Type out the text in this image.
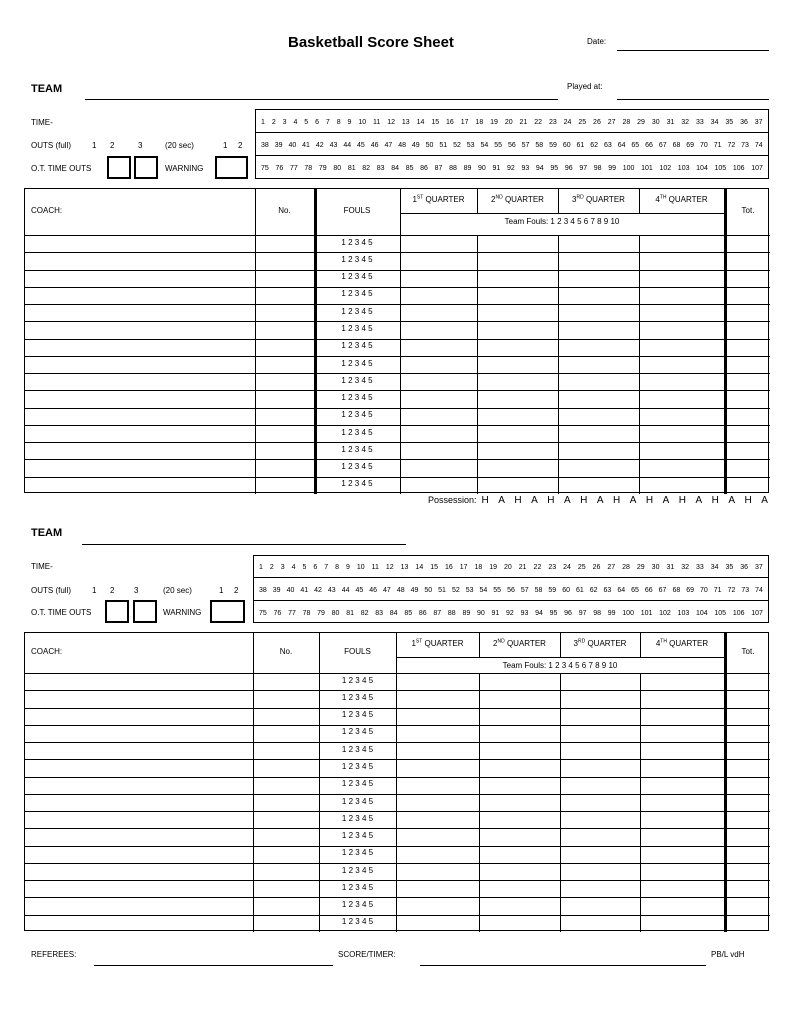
Basketball Score Sheet	Date:
TEAM	Played at:
TIME-
OUTS (full)	1 2	3	(20 sec)	1 2
O.T. TIME OUTS	WARNING
1 2 3 4 5 6 7 8 9 10 11 12 13 14 15 16 17 18 19 20 21 22 23 24 25 26 27 28 29 30 31 32 33 34 35 36 37
38 39 40 41 42 43 44 45 46 47 48 49 50 51 52 53 54 55 56 57 58 59 60 61 62 63 64 65 66 67 68 69 70 71 72 73 74
75 76 77 78 79 80 81 82 83 84 85 86 87 88 89 90 91 92 93 94 95 96 97 98 99 100 101 102 103 104 105 106 107
COACH:	No.	FOULS	Tot.
1ST QUARTER	2ND QUARTER	3RD QUARTER	4TH QUARTER
Team Fouls: 1 2 3 4 5 6 7 8 9 10
1 2 3 4 5
1 2 3 4 5
1 2 3 4 5
1 2 3 4 5
1 2 3 4 5
1 2 3 4 5
1 2 3 4 5
1 2 3 4 5
1 2 3 4 5
1 2 3 4 5
1 2 3 4 5
1 2 3 4 5
1 2 3 4 5
1 2 3 4 5
1 2 3 4 5
Possession: H A H A H A H A H A H A H A H A H A
TEAM
TIME-
OUTS (full)	1 2 3	(20 sec)	1 2
O.T. TIME OUTS	WARNING
1 2 3 4 5 6 7 8 9 10 11 12 13 14 15 16 17 18 19 20 21 22 23 24 25 26 27 28 29 30 31 32 33 34 35 36 37
38 39 40 41 42 43 44 45 46 47 48 49 50 51 52 53 54 55 56 57 58 59 60 61 62 63 64 65 66 67 68 69 70 71 72 73 74
75 76 77 78 79 80 81 82 83 84 85 86 87 88 89 90 91 92 93 94 95 96 97 98 99 100 101 102 103 104 105 106 107
COACH:	No.	FOULS	Tot.
1ST QUARTER	2ND QUARTER	3RD QUARTER	4TH QUARTER
Team Fouls: 1 2 3 4 5 6 7 8 9 10
1 2 3 4 5
1 2 3 4 5
1 2 3 4 5
1 2 3 4 5
1 2 3 4 5
1 2 3 4 5
1 2 3 4 5
1 2 3 4 5
1 2 3 4 5
1 2 3 4 5
1 2 3 4 5
1 2 3 4 5
1 2 3 4 5
1 2 3 4 5
1 2 3 4 5
REFEREES:	SCORE/TIMER:	PB/L vdH
